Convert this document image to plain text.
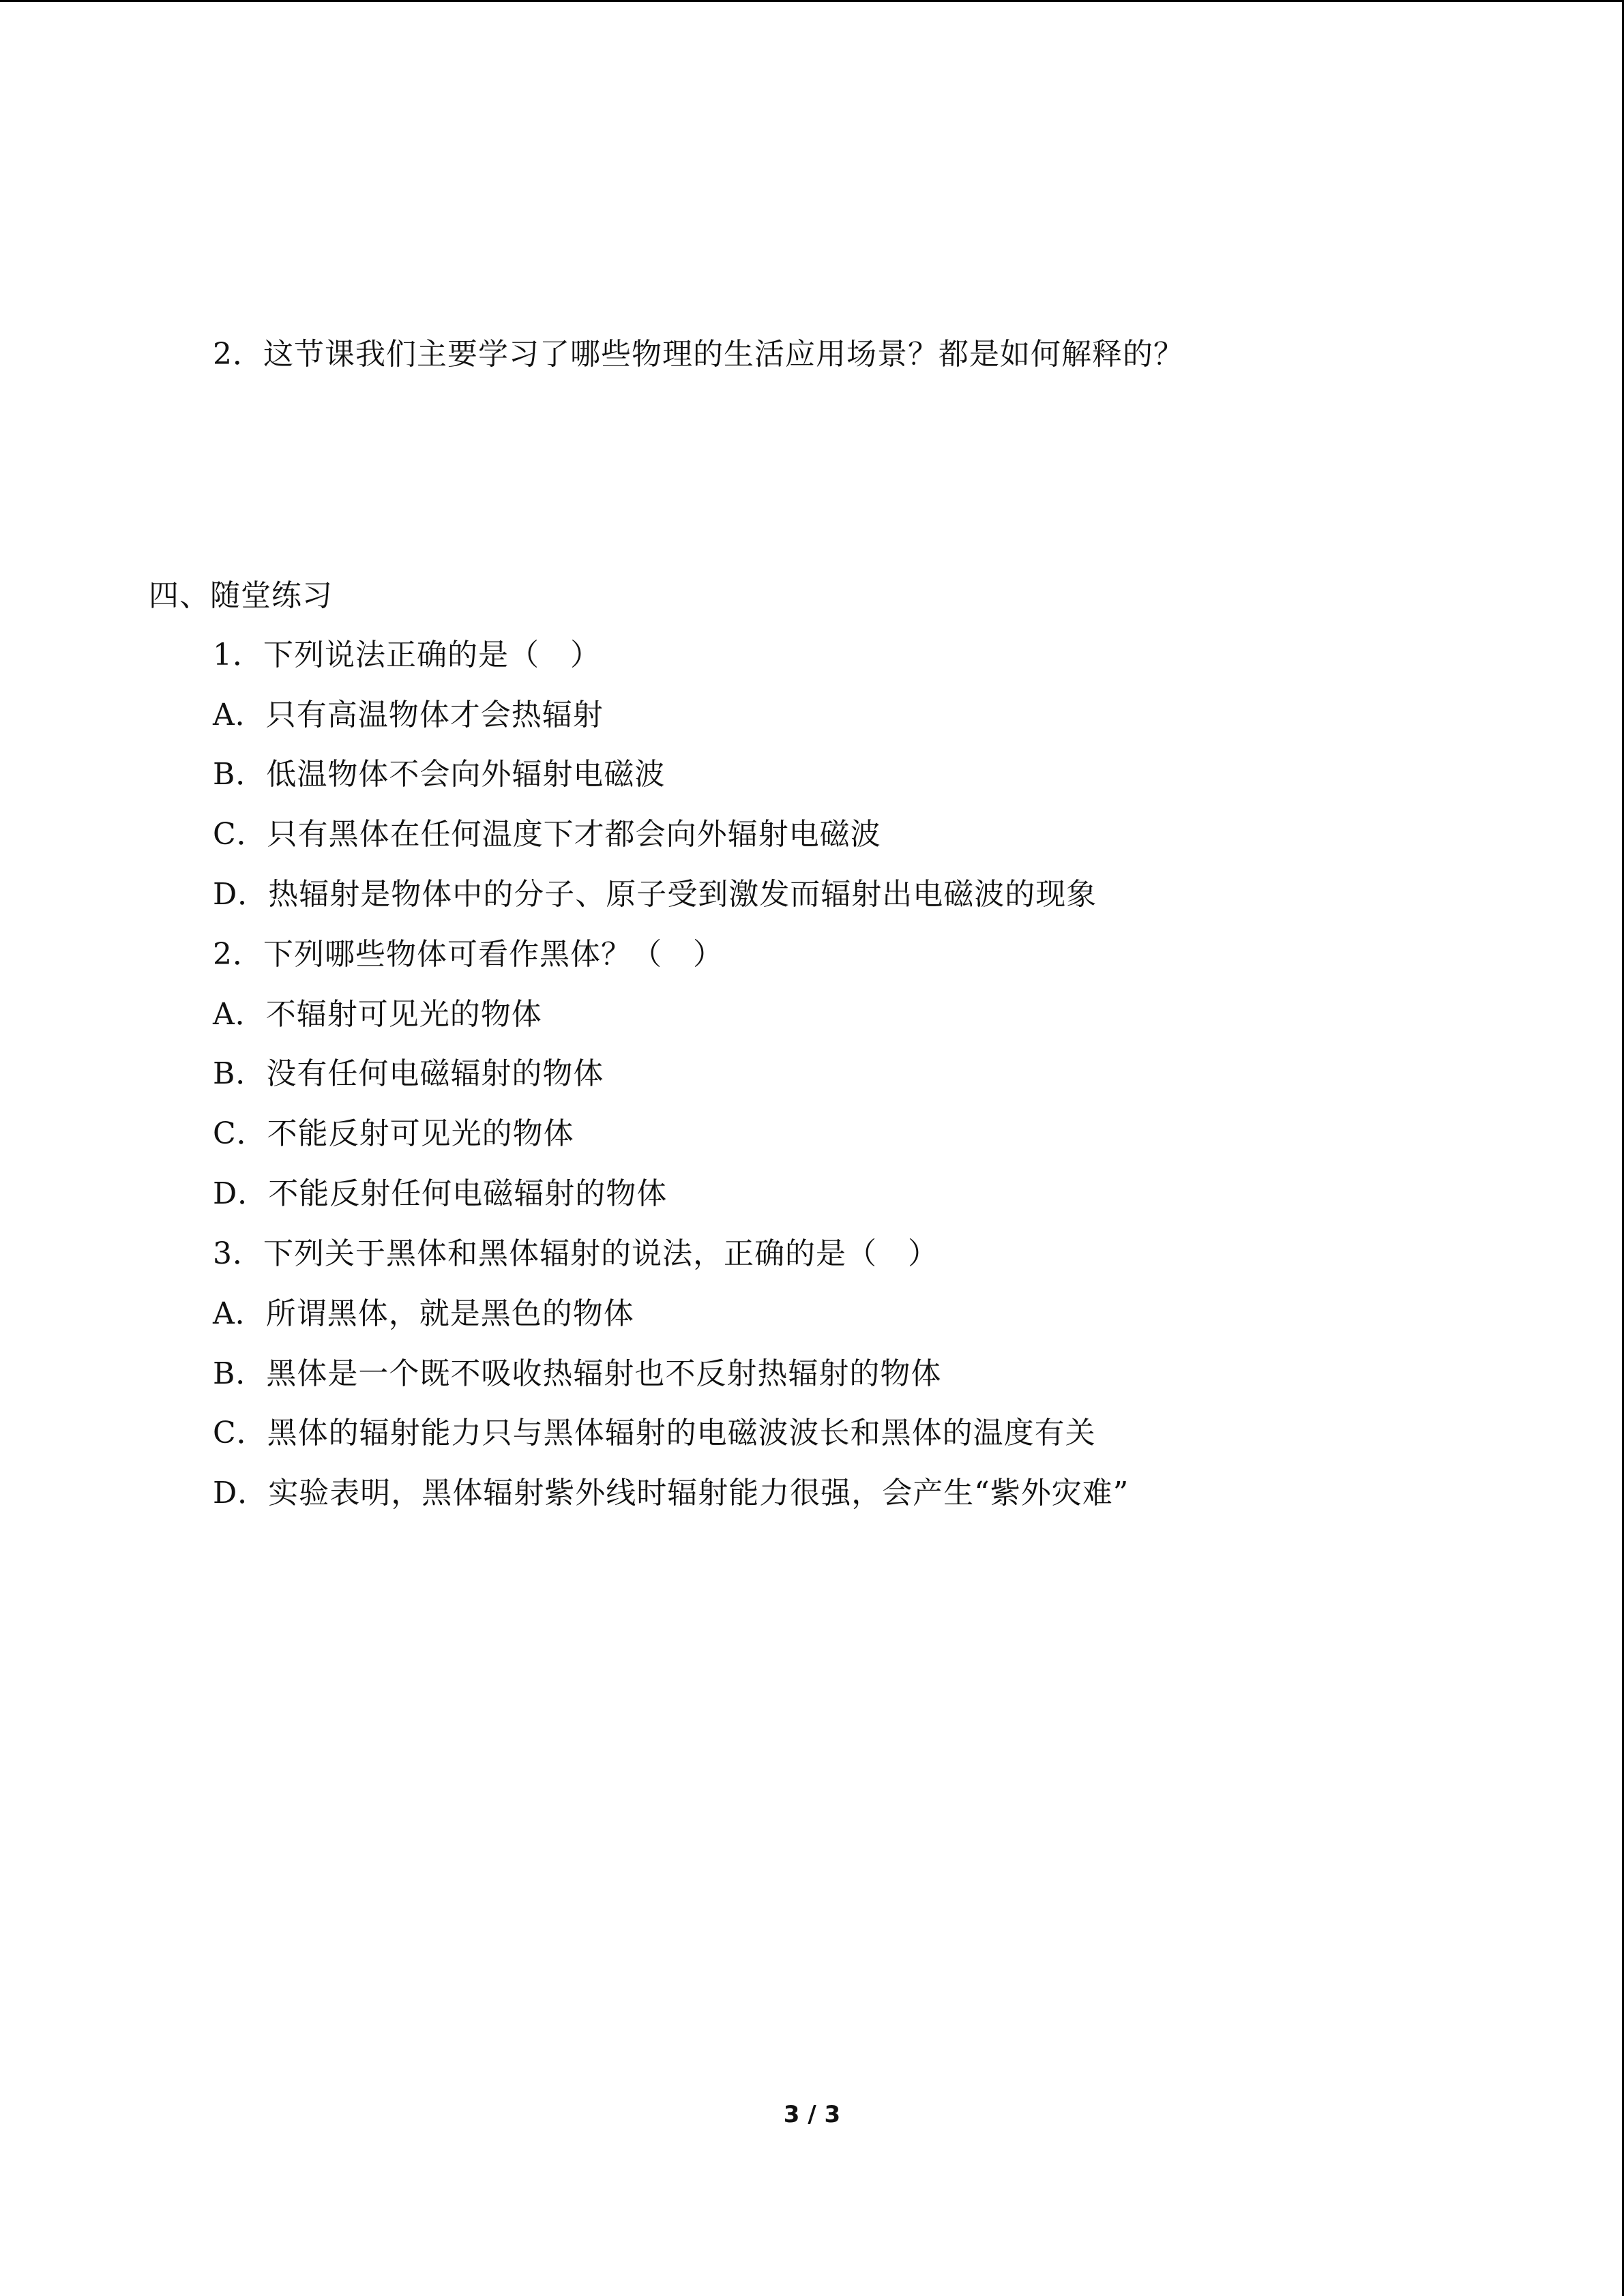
2．这节课我们主要学习了哪些物理的生活应用场景？都是如何解释的？
四、随堂练习
1．下列说法正确的是（　）
A．只有高温物体才会热辐射
B．低温物体不会向外辐射电磁波
C．只有黑体在任何温度下才都会向外辐射电磁波
D．热辐射是物体中的分子、原子受到激发而辐射出电磁波的现象
2．下列哪些物体可看作黑体？（　）
A．不辐射可见光的物体
B．没有任何电磁辐射的物体
C．不能反射可见光的物体
D．不能反射任何电磁辐射的物体
3．下列关于黑体和黑体辐射的说法，正确的是（　）
A．所谓黑体，就是黑色的物体
B．黑体是一个既不吸收热辐射也不反射热辐射的物体
C．黑体的辐射能力只与黑体辐射的电磁波波长和黑体的温度有关
D．实验表明，黑体辐射紫外线时辐射能力很强，会产生“紫外灾难”
3 / 3
